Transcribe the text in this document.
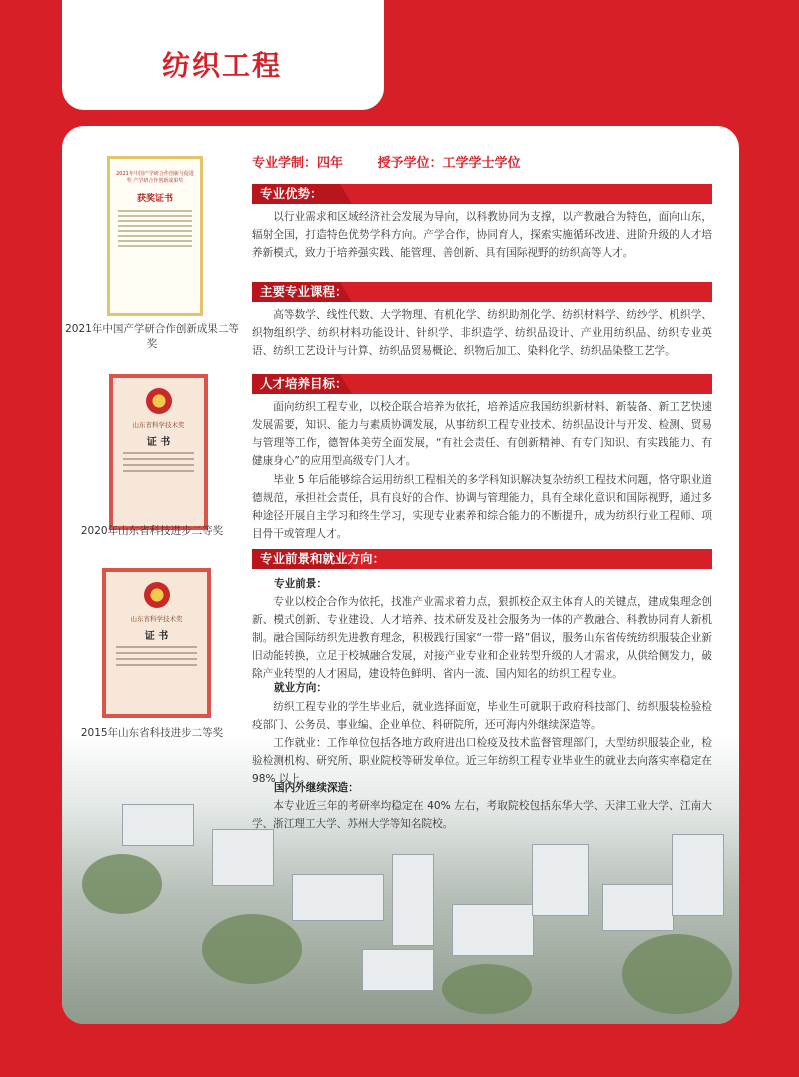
纺织工程
2021年中国产学研合作创新与促进奖 产学研合作创新成果奖
获奖证书
2021年中国产学研合作创新成果二等奖
山东省科学技术奖
证 书
2020年山东省科技进步二等奖
山东省科学技术奖
证 书
2015年山东省科技进步二等奖
专业学制：四年	授予学位：工学学士学位
专业优势：

以行业需求和区域经济社会发展为导向，以科教协同为支撑，以产教融合为特色，面向山东，辐射全国，打造特色优势学科方向。产学合作，协同育人，探索实施循环改进、进阶升级的人才培养新模式，致力于培养强实践、能管理、善创新、具有国际视野的纺织高等人才。

主要专业课程：

高等数学、线性代数、大学物理、有机化学、纺织助剂化学、纺织材料学、纺纱学、机织学、织物组织学、纺织材料功能设计、针织学、非织造学、纺织品设计、产业用纺织品、纺织专业英语、纺织工艺设计与计算、纺织品贸易概论、织物后加工、染料化学、纺织品染整工艺学。

人才培养目标：

面向纺织工程专业，以校企联合培养为依托，培养适应我国纺织新材料、新装备、新工艺快速发展需要，知识、能力与素质协调发展，从事纺织工程专业技术、纺织品设计与开发、检测、贸易与管理等工作，德智体美劳全面发展，“有社会责任、有创新精神、有专门知识、有实践能力、有健康身心”的应用型高级专门人才。

毕业 5 年后能够综合运用纺织工程相关的多学科知识解决复杂纺织工程技术问题，恪守职业道德规范，承担社会责任，具有良好的合作、协调与管理能力，具有全球化意识和国际视野，通过多种途径开展自主学习和终生学习，实现专业素养和综合能力的不断提升，成为纺织行业工程师、项目骨干或管理人才。

专业前景和就业方向：
专业前景：

专业以校企合作为依托，找准产业需求着力点，狠抓校企双主体育人的关键点，建成集理念创新、模式创新、专业建设、人才培养、技术研发及社会服务为一体的产教融合、科教协同育人新机制。融合国际纺织先进教育理念，积极践行国家“一带一路”倡议，服务山东省传统纺织服装企业新旧动能转换，立足于校城融合发展，对接产业专业和企业转型升级的人才需求，从供给侧发力，破除产业转型的人才困局，建设特色鲜明、省内一流、国内知名的纺织工程专业。

就业方向：

纺织工程专业的学生毕业后，就业选择面宽，毕业生可就职于政府科技部门、纺织服装检验检疫部门、公务员、事业编、企业单位、科研院所，还可海内外继续深造等。

工作就业：工作单位包括各地方政府进出口检疫及技术监督管理部门，大型纺织服装企业，检验检测机构、研究所、职业院校等研发单位。近三年纺织工程专业毕业生的就业去向落实率稳定在 98% 以上。

国内外继续深造：

本专业近三年的考研率均稳定在 40% 左右，考取院校包括东华大学、天津工业大学、江南大学、浙江理工大学、苏州大学等知名院校。
